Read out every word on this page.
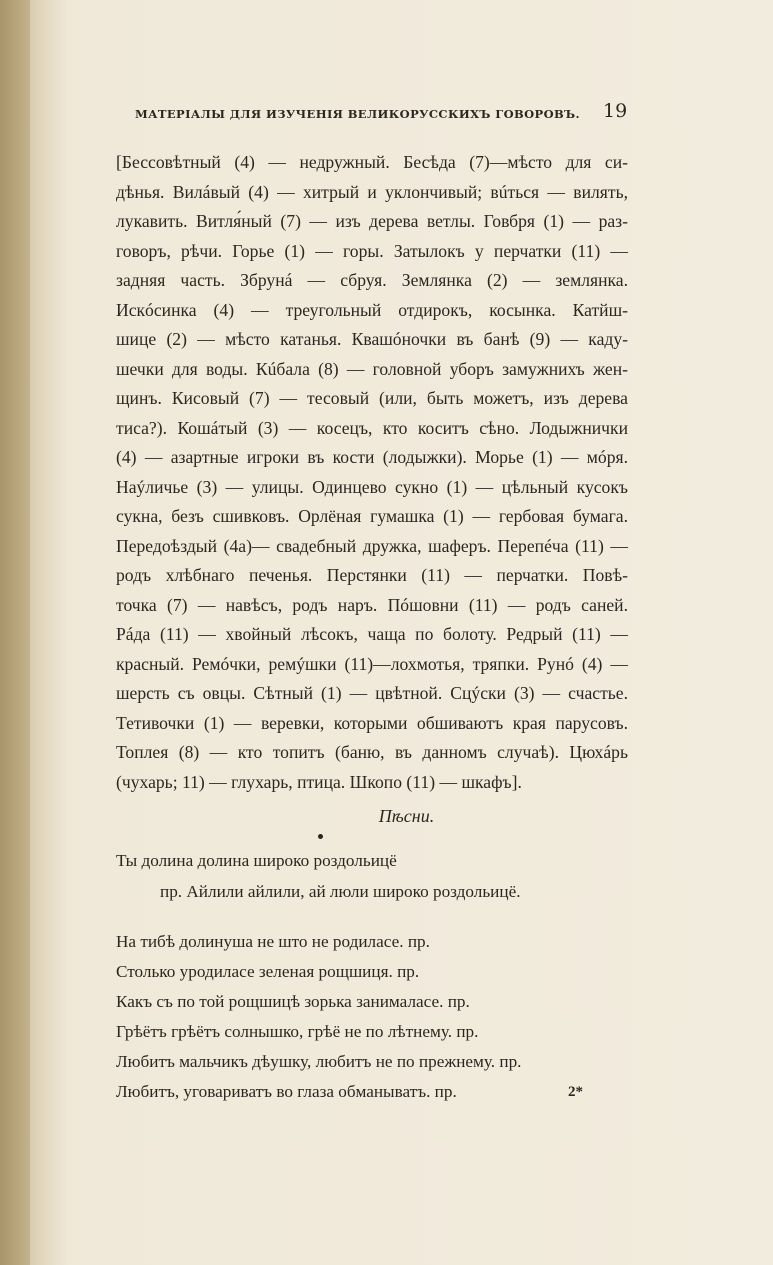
МАТЕРІАЛЫ ДЛЯ ИЗУЧЕНІЯ ВЕЛИКОРУССКИХЪ ГОВОРОВЪ. 19
[Бессовѣтный (4) — недружный. Бесѣда (7)—мѣсто для си-
дѣнья. Вилáвый (4) — хитрый и уклончивый; вúться — вилять,
лукавить. Витля́ный (7) — изъ дерева ветлы. Говбря (1) — раз-
говоръ, рѣчи. Горье (1) — горы. Затылокъ у перчатки (11) —
задняя часть. Збрунá — сбруя. Землянка (2) — землянка.
Искóсинка (4) — треугольный отдирокъ, косынка. Катйш-
шице (2) — мѣсто катанья. Квашóночки въ банѣ (9) — каду-
шечки для воды. Кúбала (8) — головной уборъ замужнихъ жен-
щинъ. Кисовый (7) — тесовый (или, быть можетъ, изъ дерева
тиса?). Кошáтый (3) — косецъ, кто коситъ сѣно. Лодыжнички
(4) — азартные игроки въ кости (лодыжки). Морье (1) — мóря.
Наýличье (3) — улицы. Одинцево сукно (1) — цѣльный кусокъ
сукна, безъ сшивковъ. Орлёная гумашка (1) — гербовая бумага.
Передоѣздый (4а)— свадебный дружка, шаферъ. Перепéча (11) —
родъ хлѣбнаго печенья. Перстянки (11) — перчатки. Повѣ-
точка (7) — навѣсъ, родъ наръ. Пóшовни (11) — родъ саней.
Рáда (11) — хвойный лѣсокъ, чаща по болоту. Редрый (11) —
красный. Ремóчки, ремýшки (11)—лохмотья, тряпки. Рунó (4) —
шерсть съ овцы. Сѣтный (1) — цвѣтной. Сцýски (3) — счастье.
Тетивочки (1) — веревки, которыми обшиваютъ края парусовъ.
Топлея (8) — кто топитъ (баню, въ данномъ случаѣ). Цюхáрь
(чухарь; 11) — глухарь, птица. Шкопо (11) — шкафъ].
Пѣсни.
Ты долина долина широко роздольицё
пр. Айлили айлили, ай люли широко роздольицё.
На тибѣ долинуша не што не родиласе. пр.
Столько уродиласе зеленая рощшиця. пр.
Какъ съ по той рощшицѣ зорька занималасе. пр.
Грѣётъ грѣётъ солнышко, грѣё не по лѣтнему. пр.
Любитъ мальчикъ дѣушку, любитъ не по прежнему. пр.
Любитъ, уговариватъ во глаза обманыватъ. пр.	2*
